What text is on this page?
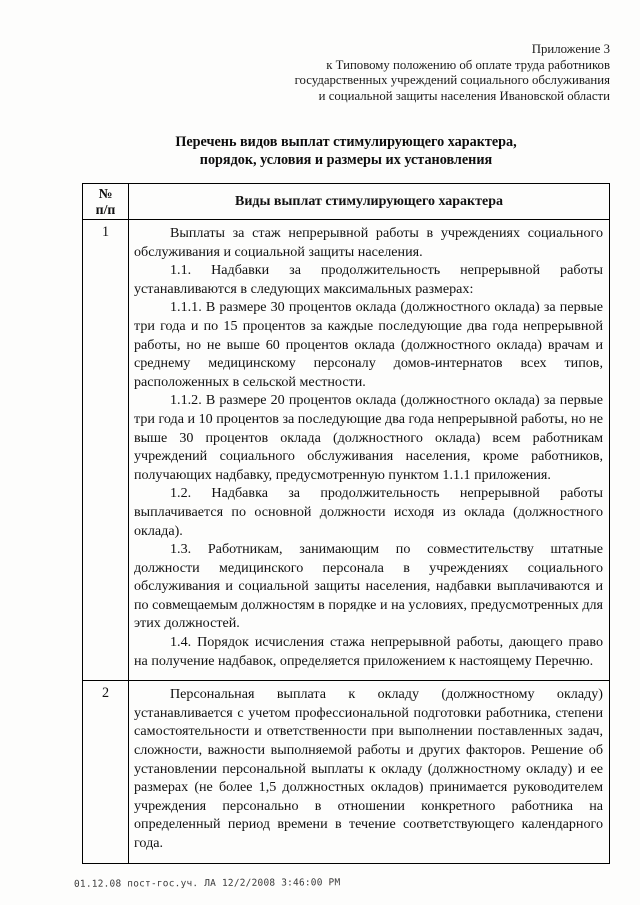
Приложение 3
к Типовому положению об оплате труда работников
государственных учреждений социального обслуживания
и социальной защиты населения Ивановской области
Перечень видов выплат стимулирующего характера,
порядок, условия и размеры их установления
№
п/п	Виды выплат стимулирующего характера
1	Выплаты за стаж непрерывной работы в учреждениях социального обслуживания и социальной защиты населения.

1.1. Надбавки за продолжительность непрерывной работы устанавливаются в следующих максимальных размерах:

1.1.1. В размере 30 процентов оклада (должностного оклада) за первые три года и по 15 процентов за каждые последующие два года непрерывной работы, но не выше 60 процентов оклада (должностного оклада) врачам и среднему медицинскому персоналу домов-интернатов всех типов, расположенных в сельской местности.

1.1.2. В размере 20 процентов оклада (должностного оклада) за первые три года и 10 процентов за последующие два года непрерывной работы, но не выше 30 процентов оклада (должностного оклада) всем работникам учреждений социального обслуживания населения, кроме работников, получающих надбавку, предусмотренную пунктом 1.1.1 приложения.

1.2. Надбавка за продолжительность непрерывной работы выплачивается по основной должности исходя из оклада (должностного оклада).

1.3. Работникам, занимающим по совместительству штатные должности медицинского персонала в учреждениях социального обслуживания и социальной защиты населения, надбавки выплачиваются и по совмещаемым должностям в порядке и на условиях, предусмотренных для этих должностей.

1.4. Порядок исчисления стажа непрерывной работы, дающего право на получение надбавок, определяется приложением к настоящему Перечню.

2	Персональная выплата к окладу (должностному окладу) устанавливается с учетом профессиональной подготовки работника, степени самостоятельности и ответственности при выполнении поставленных задач, сложности, важности выполняемой работы и других факторов. Решение об установлении персональной выплаты к окладу (должностному окладу) и ее размерах (не более 1,5 должностных окладов) принимается руководителем учреждения персонально в отношении конкретного работника на определенный период времени в течение соответствующего календарного года.

01.12.08 пост-гос.уч. ЛА 12/2/2008 3:46:00 PM
